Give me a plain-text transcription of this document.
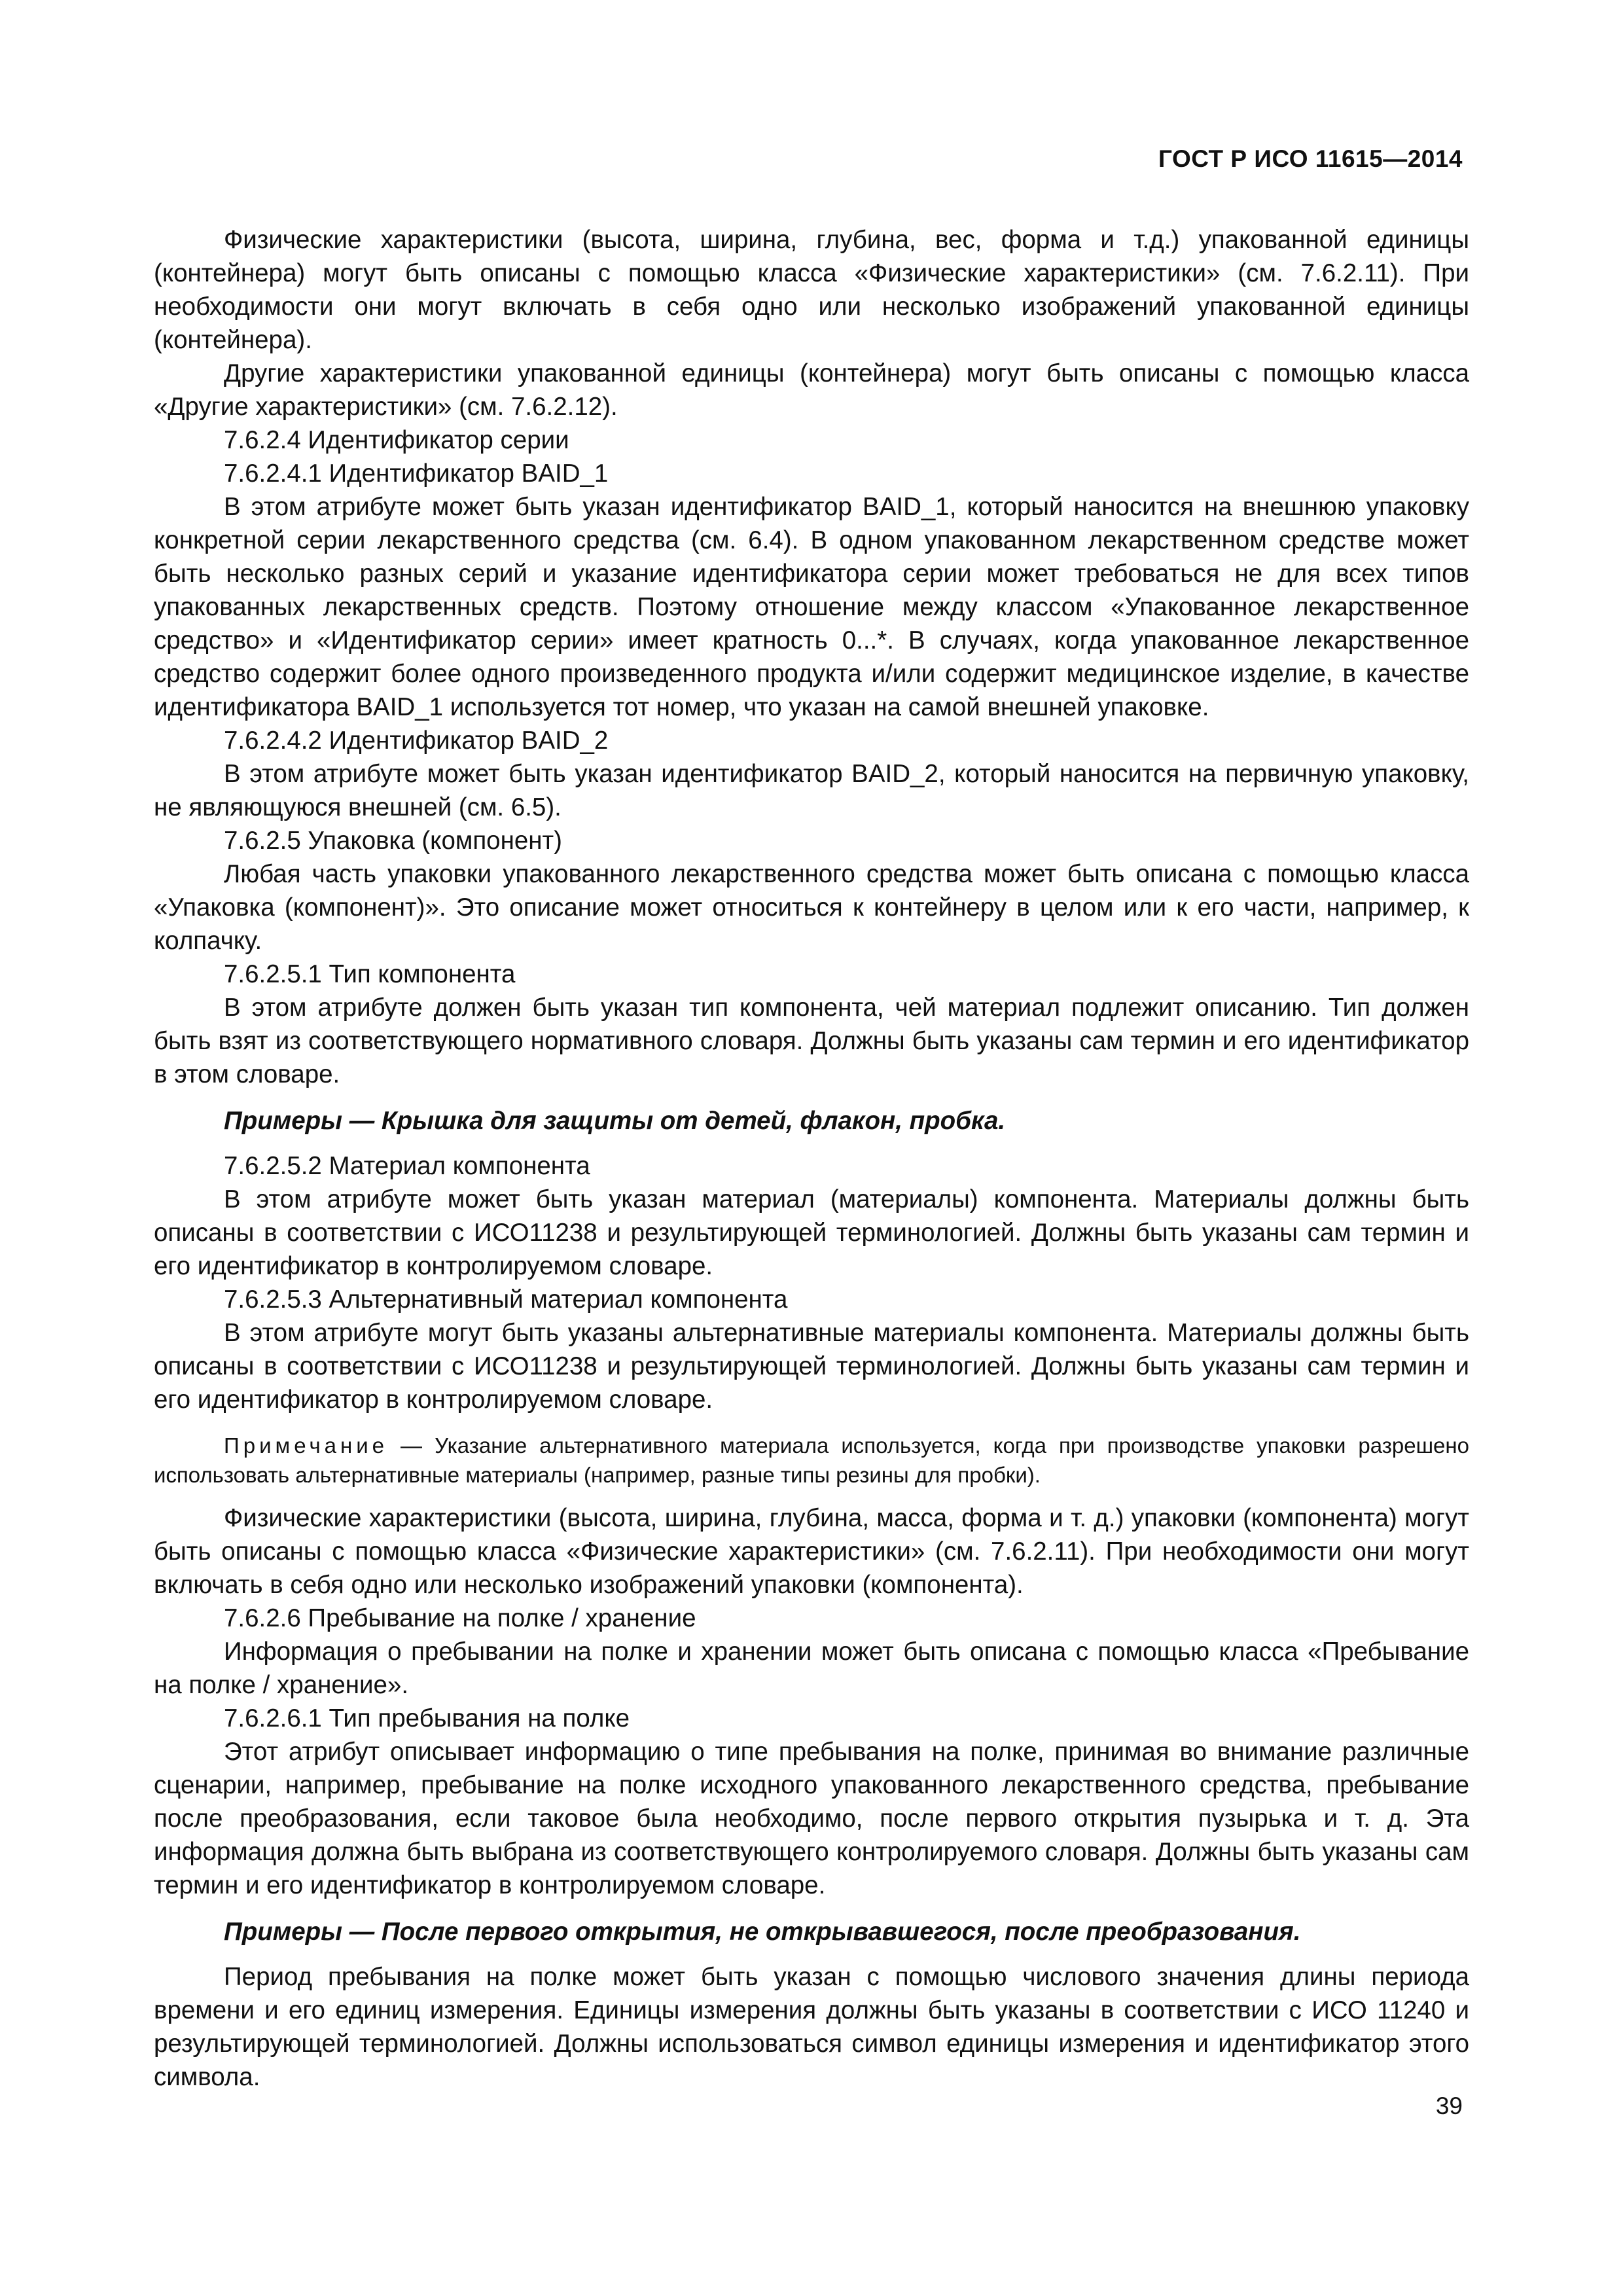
ГОСТ Р ИСО 11615—2014

Физические характеристики (высота, ширина, глубина, вес, форма и т.д.) упакованной единицы (контейнера) могут быть описаны с помощью класса «Физические характеристики» (см. 7.6.2.11). При необходимости они могут включать в себя одно или несколько изображений упакованной единицы (контейнера).

Другие характеристики упакованной единицы (контейнера) могут быть описаны с помощью класса «Другие характеристики» (см. 7.6.2.12).

7.6.2.4 Идентификатор серии

7.6.2.4.1 Идентификатор BAID_1

В этом атрибуте может быть указан идентификатор BAID_1, который наносится на внешнюю упаковку конкретной серии лекарственного средства (см. 6.4). В одном упакованном лекарственном средстве может быть несколько разных серий и указание идентификатора серии может требоваться не для всех типов упакованных лекарственных средств. Поэтому отношение между классом «Упакованное лекарственное средство» и «Идентификатор серии» имеет кратность 0...*. В случаях, когда упакованное лекарственное средство содержит более одного произведенного продукта и/или содержит медицинское изделие, в качестве идентификатора BAID_1 используется тот номер, что указан на самой внешней упаковке.

7.6.2.4.2 Идентификатор BAID_2

В этом атрибуте может быть указан идентификатор BAID_2, который наносится на первичную упаковку, не являющуюся внешней (см. 6.5).

7.6.2.5 Упаковка (компонент)

Любая часть упаковки упакованного лекарственного средства может быть описана с помощью класса «Упаковка (компонент)». Это описание может относиться к контейнеру в целом или к его части, например, к колпачку.

7.6.2.5.1 Тип компонента

В этом атрибуте должен быть указан тип компонента, чей материал подлежит описанию. Тип должен быть взят из соответствующего нормативного словаря. Должны быть указаны сам термин и его идентификатор в этом словаре.

Примеры — Крышка для защиты от детей, флакон, пробка.

7.6.2.5.2 Материал компонента

В этом атрибуте может быть указан материал (материалы) компонента. Материалы должны быть описаны в соответствии с ИСО11238 и результирующей терминологией. Должны быть указаны сам термин и его идентификатор в контролируемом словаре.

7.6.2.5.3 Альтернативный материал компонента

В этом атрибуте могут быть указаны альтернативные материалы компонента. Материалы должны быть описаны в соответствии с ИСО11238 и результирующей терминологией. Должны быть указаны сам термин и его идентификатор в контролируемом словаре.

Примечание — Указание альтернативного материала используется, когда при производстве упаковки разрешено использовать альтернативные материалы (например, разные типы резины для пробки).

Физические характеристики (высота, ширина, глубина, масса, форма и т. д.) упаковки (компонента) могут быть описаны с помощью класса «Физические характеристики» (см. 7.6.2.11). При необходимости они могут включать в себя одно или несколько изображений упаковки (компонента).

7.6.2.6 Пребывание на полке / хранение

Информация о пребывании на полке и хранении может быть описана с помощью класса «Пребывание на полке / хранение».

7.6.2.6.1 Тип пребывания на полке

Этот атрибут описывает информацию о типе пребывания на полке, принимая во внимание различные сценарии, например, пребывание на полке исходного упакованного лекарственного средства, пребывание после преобразования, если таковое была необходимо, после первого открытия пузырька и т. д. Эта информация должна быть выбрана из соответствующего контролируемого словаря. Должны быть указаны сам термин и его идентификатор в контролируемом словаре.

Примеры — После первого открытия, не открывавшегося, после преобразования.

Период пребывания на полке может быть указан с помощью числового значения длины периода времени и его единиц измерения. Единицы измерения должны быть указаны в соответствии с ИСО 11240 и результирующей терминологией. Должны использоваться символ единицы измерения и идентификатор этого символа.

39
